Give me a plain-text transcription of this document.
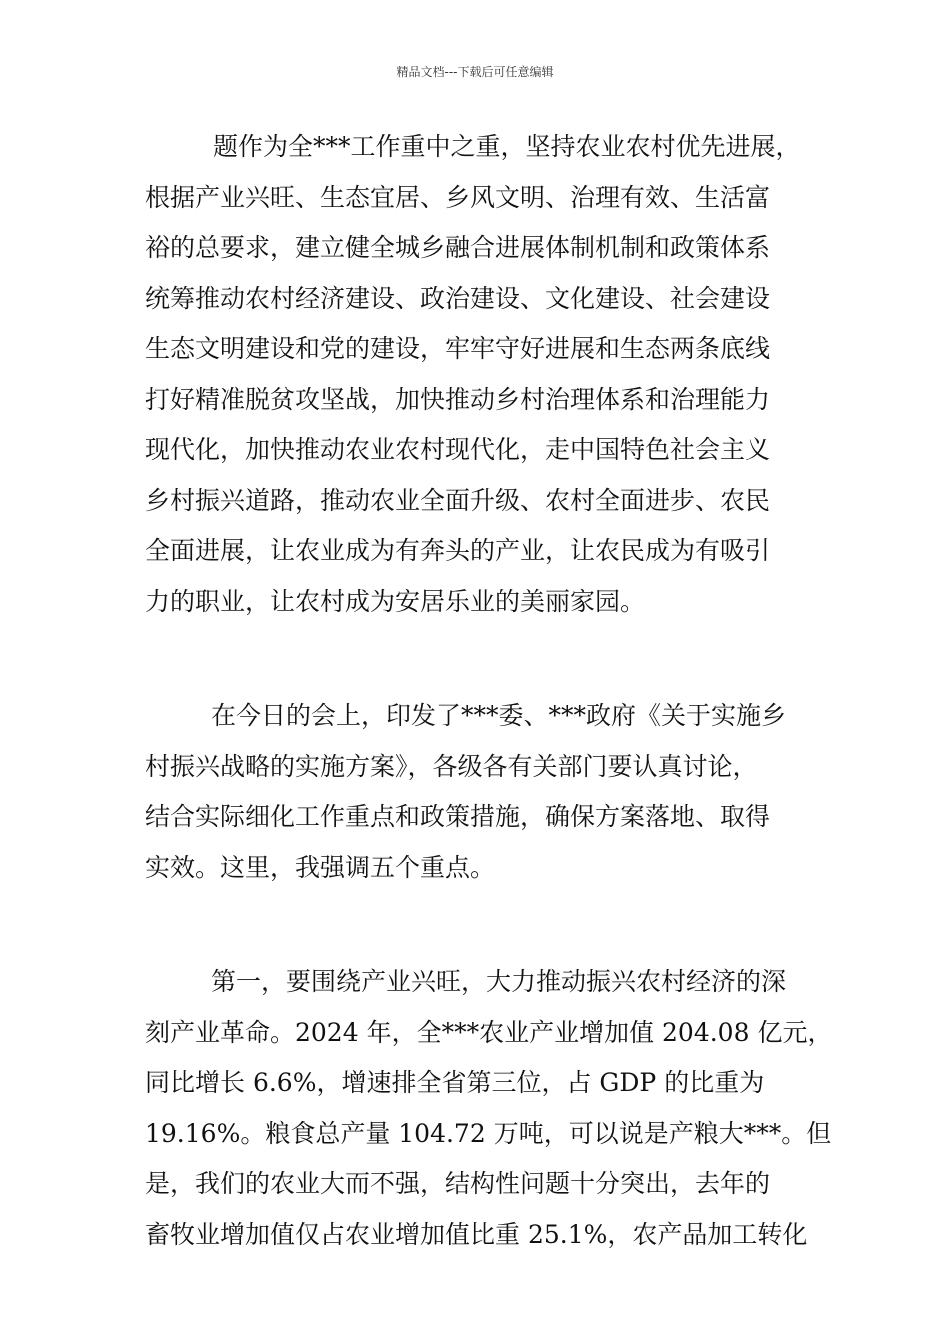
精品文档---下载后可任意编辑
题作为全***工作重中之重，坚持农业农村优先进展，
根据产业兴旺、生态宜居、乡风文明、治理有效、生活富
裕的总要求，建立健全城乡融合进展体制机制和政策体系
统筹推动农村经济建设、政治建设、文化建设、社会建设
生态文明建设和党的建设，牢牢守好进展和生态两条底线
打好精准脱贫攻坚战，加快推动乡村治理体系和治理能力
现代化，加快推动农业农村现代化，走中国特色社会主义
乡村振兴道路，推动农业全面升级、农村全面进步、农民
全面进展，让农业成为有奔头的产业，让农民成为有吸引
力的职业，让农村成为安居乐业的美丽家园。
在今日的会上，印发了***委、***政府《关于实施乡
村振兴战略的实施方案》，各级各有关部门要认真讨论，
结合实际细化工作重点和政策措施，确保方案落地、取得
实效。这里，我强调五个重点。
第一，要围绕产业兴旺，大力推动振兴农村经济的深
刻产业革命。2024 年，全***农业产业增加值 204.08 亿元，
同比增长 6.6%，增速排全省第三位，占 GDP 的比重为
19.16%。粮食总产量 104.72 万吨，可以说是产粮大***。但
是，我们的农业大而不强，结构性问题十分突出，去年的
畜牧业增加值仅占农业增加值比重 25.1%，农产品加工转化
